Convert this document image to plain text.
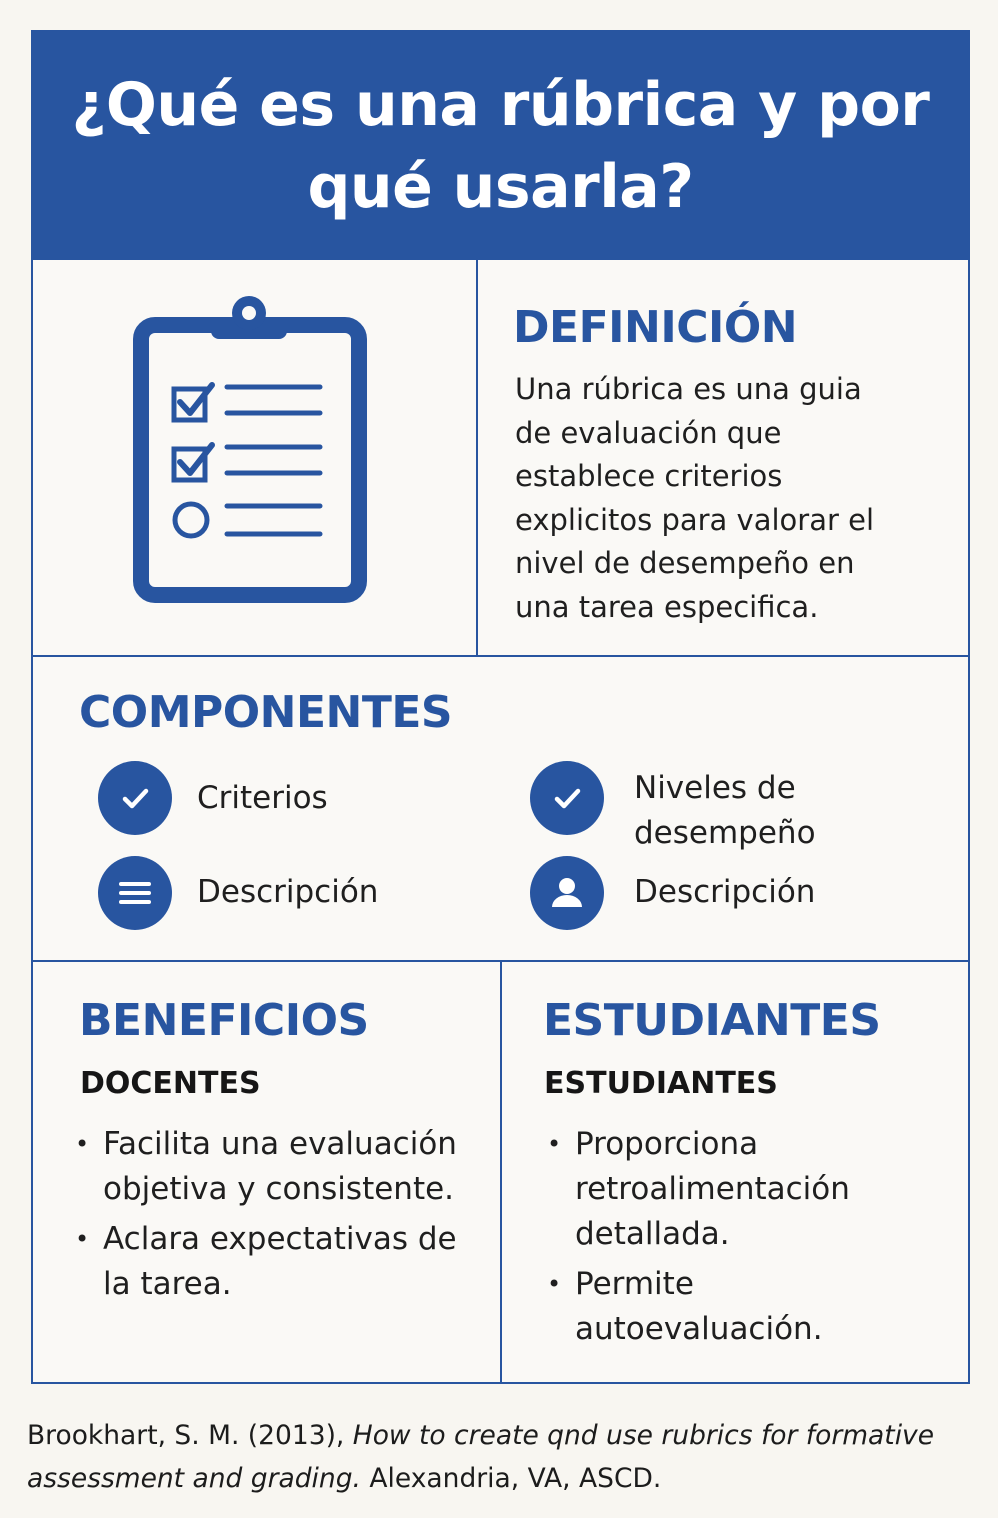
¿Qué es una rúbrica y por qué usarla?
DEFINICIÓN
Una rúbrica es una guia
de evaluación que
establece criterios
explicitos para valorar el
nivel de desempeño en
una tarea especifica.
COMPONENTES
Criterios	Niveles de
desempeño
Descripción	Descripción
BENEFICIOS
DOCENTES
• Facilita una evaluación
objetiva y consistente.
• Aclara expectativas de
la tarea.
ESTUDIANTES
ESTUDIANTES
• Proporciona
retroalimentación
detallada.
• Permite
autoevaluación.
Brookhart, S. M. (2013), How to create qnd use rubrics for formative assessment and grading. Alexandria, VA, ASCD.
